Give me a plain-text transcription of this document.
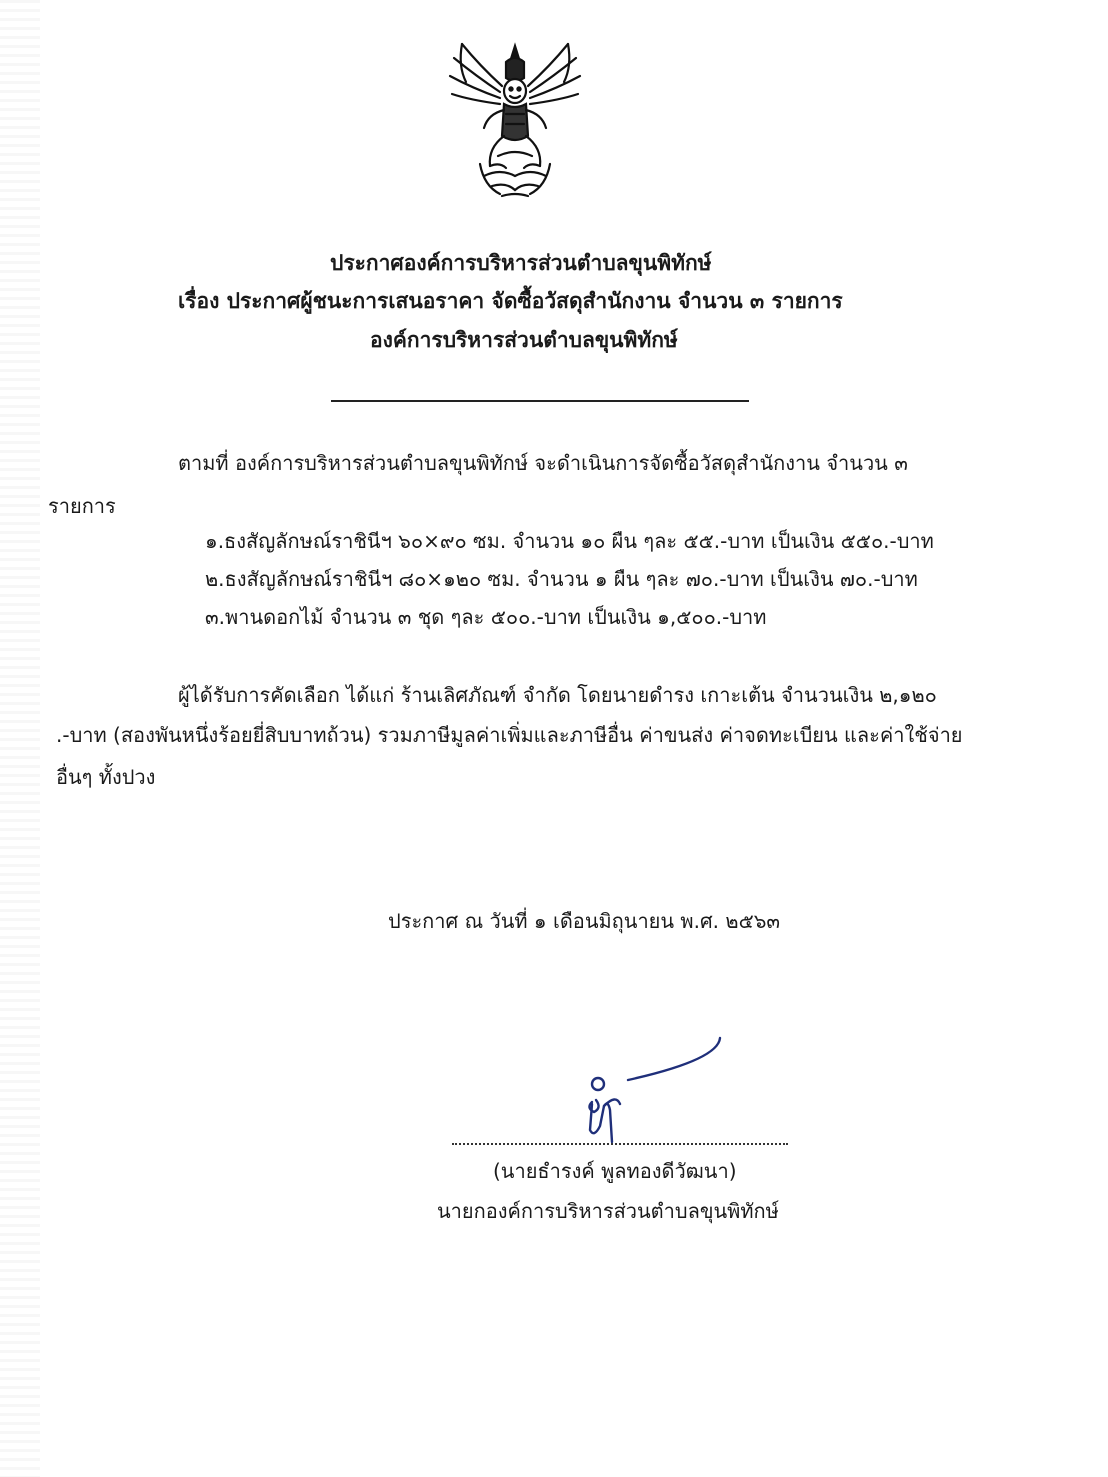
ประกาศองค์การบริหารส่วนตำบลขุนพิทักษ์
เรื่อง ประกาศผู้ชนะการเสนอราคา จัดซื้อวัสดุสำนักงาน จำนวน ๓ รายการ
องค์การบริหารส่วนตำบลขุนพิทักษ์
ตามที่ องค์การบริหารส่วนตำบลขุนพิทักษ์ จะดำเนินการจัดซื้อวัสดุสำนักงาน จำนวน ๓
รายการ
๑.ธงสัญลักษณ์ราชินีฯ ๖๐×๙๐ ซม. จำนวน ๑๐ ผืน ๆละ ๕๕.-บาท เป็นเงิน ๕๕๐.-บาท
๒.ธงสัญลักษณ์ราชินีฯ ๘๐×๑๒๐ ซม. จำนวน ๑ ผืน ๆละ ๗๐.-บาท เป็นเงิน ๗๐.-บาท
๓.พานดอกไม้ จำนวน ๓ ชุด ๆละ ๕๐๐.-บาท เป็นเงิน ๑,๕๐๐.-บาท
ผู้ได้รับการคัดเลือก ได้แก่ ร้านเลิศภัณฑ์ จำกัด โดยนายดำรง เกาะเต้น จำนวนเงิน ๒,๑๒๐
.-บาท (สองพันหนึ่งร้อยยี่สิบบาทถ้วน) รวมภาษีมูลค่าเพิ่มและภาษีอื่น ค่าขนส่ง ค่าจดทะเบียน และค่าใช้จ่าย
อื่นๆ ทั้งปวง
ประกาศ ณ วันที่ ๑ เดือนมิถุนายน พ.ศ. ๒๕๖๓
(นายธำรงค์ พูลทองดีวัฒนา)
นายกองค์การบริหารส่วนตำบลขุนพิทักษ์
